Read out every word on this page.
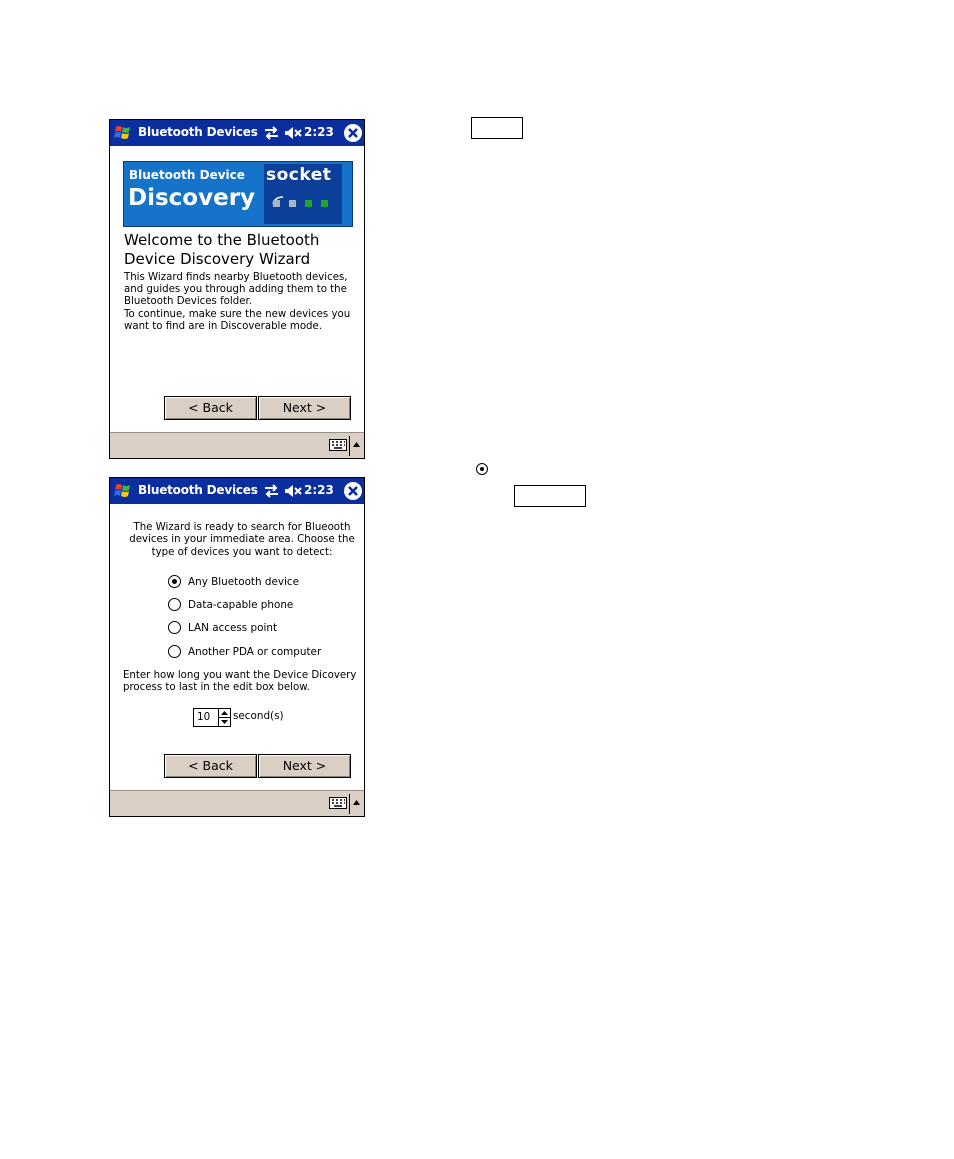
Bluetooth Devices	2:23
Bluetooth Device
Discovery
socket
Welcome to the Bluetooth Device Discovery Wizard

This Wizard finds nearby Bluetooth devices, and guides you through adding them to the Bluetooth Devices folder.

To continue, make sure the new devices you want to find are in Discoverable mode.

< Back	Next >
Bluetooth Devices	2:23
The Wizard is ready to search for Blueooth devices in your immediate area. Choose the type of devices you want to detect:
Any Bluetooth device
Data-capable phone
LAN access point
Another PDA or computer
Enter how long you want the Device Dicovery process to last in the edit box below.
10	second(s)
< Back	Next >
